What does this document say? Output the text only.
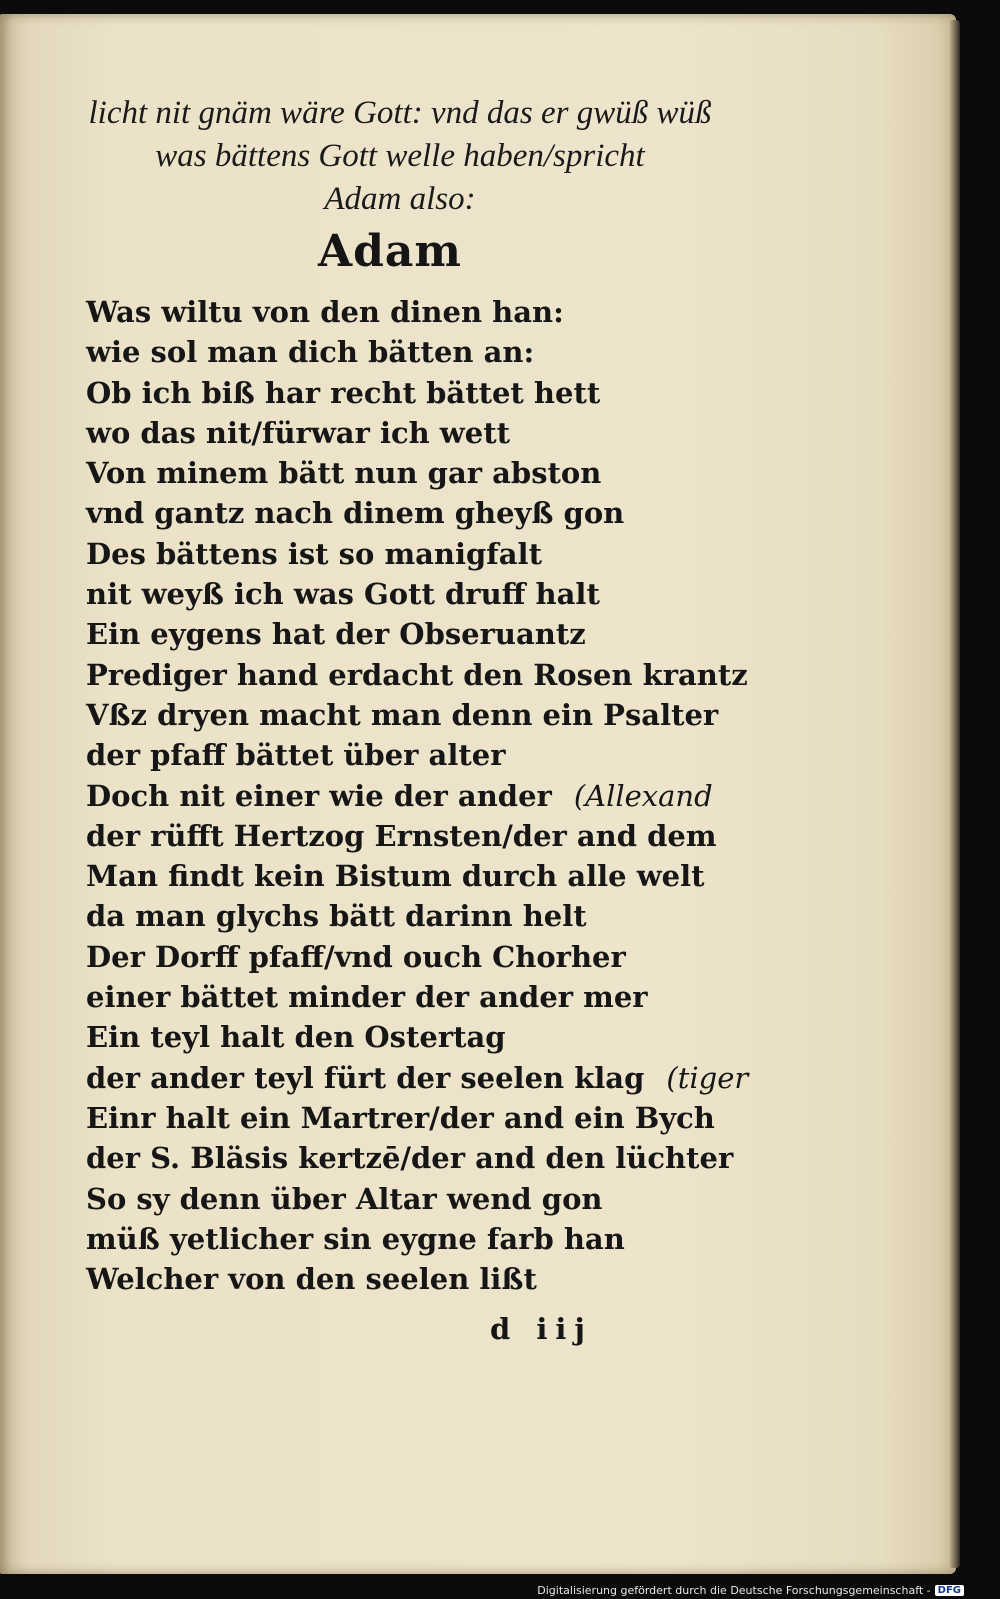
licht nit gnäm wäre Gott: vnd das er gwüß wüß
was bättens Gott welle haben/spricht
Adam also:
Adam
Was wiltu von den dinen han:
wie sol man dich bätten an:
Ob ich biß har recht bättet hett
wo das nit/fürwar ich wett
Von minem bätt nun gar abston
vnd gantz nach dinem gheyß gon
Des bättens ist so manigfalt
nit weyß ich was Gott druff halt
Ein eygens hat der Obseruantz
Prediger hand erdacht den Rosen krantz
Vßz dryen macht man denn ein Psalter
der pfaff bättet über alter
Doch nit einer wie der ander (Allexand
der rüfft Hertzog Ernsten/der and dem
Man findt kein Bistum durch alle welt
da man glychs bätt darinn helt
Der Dorff pfaff/vnd ouch Chorher
einer bättet minder der ander mer
Ein teyl halt den Ostertag
der ander teyl fürt der seelen klag (tiger
Einr halt ein Martrer/der and ein Bych
der S. Bläsis kertzē/der and den lüchter
So sy denn über Altar wend gon
müß yetlicher sin eygne farb han
Welcher von den seelen lißt
d iij
Digitalisierung gefördert durch die Deutsche Forschungsgemeinschaft - DFG
